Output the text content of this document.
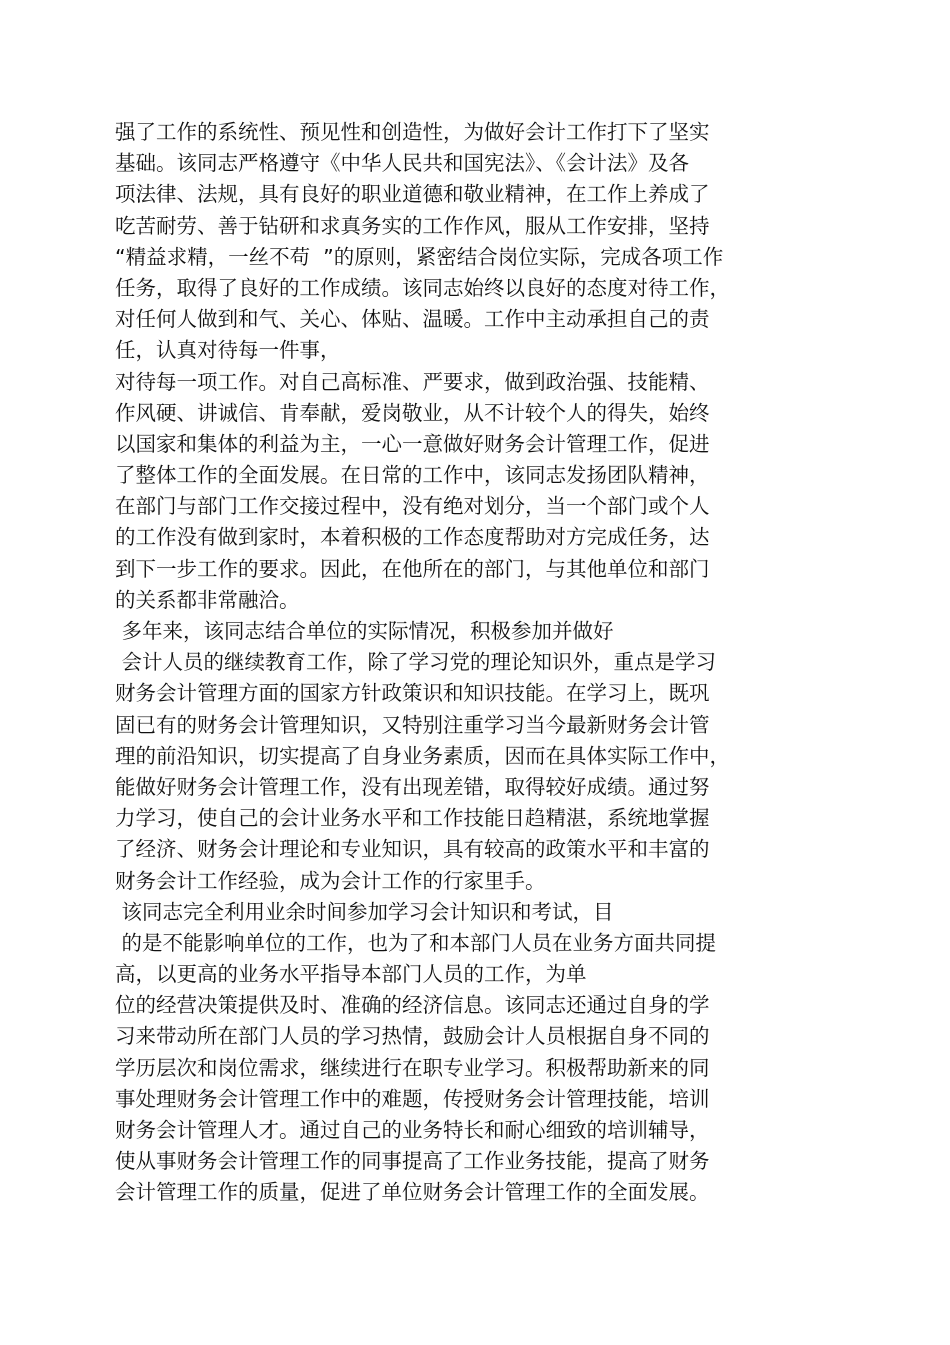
强了工作的系统性、预见性和创造性，为做好会计工作打下了坚实
基础。该同志严格遵守《中华人民共和国宪法》、《会计法》及各
项法律、法规，具有良好的职业道德和敬业精神，在工作上养成了
吃苦耐劳、善于钻研和求真务实的工作作风，服从工作安排，坚持
“精益求精，一丝不苟  ”的原则，紧密结合岗位实际，完成各项工作
任务，取得了良好的工作成绩。该同志始终以良好的态度对待工作，
对任何人做到和气、关心、体贴、温暖。工作中主动承担自己的责
任，认真对待每一件事，
对待每一项工作。对自己高标准、严要求，做到政治强、技能精、
作风硬、讲诚信、肯奉献，爱岗敬业，从不计较个人的得失，始终
以国家和集体的利益为主，一心一意做好财务会计管理工作，促进
了整体工作的全面发展。在日常的工作中，该同志发扬团队精神，
在部门与部门工作交接过程中，没有绝对划分，当一个部门或个人
的工作没有做到家时，本着积极的工作态度帮助对方完成任务，达
到下一步工作的要求。因此，在他所在的部门，与其他单位和部门
的关系都非常融洽。
多年来，该同志结合单位的实际情况，积极参加并做好
会计人员的继续教育工作，除了学习党的理论知识外，重点是学习
财务会计管理方面的国家方针政策识和知识技能。在学习上，既巩
固已有的财务会计管理知识，又特别注重学习当今最新财务会计管
理的前沿知识，切实提高了自身业务素质，因而在具体实际工作中，
能做好财务会计管理工作，没有出现差错，取得较好成绩。通过努
力学习，使自己的会计业务水平和工作技能日趋精湛，系统地掌握
了经济、财务会计理论和专业知识，具有较高的政策水平和丰富的
财务会计工作经验，成为会计工作的行家里手。
该同志完全利用业余时间参加学习会计知识和考试，目
的是不能影响单位的工作，也为了和本部门人员在业务方面共同提
高，以更高的业务水平指导本部门人员的工作，为单
位的经营决策提供及时、准确的经济信息。该同志还通过自身的学
习来带动所在部门人员的学习热情，鼓励会计人员根据自身不同的
学历层次和岗位需求，继续进行在职专业学习。积极帮助新来的同
事处理财务会计管理工作中的难题，传授财务会计管理技能，培训
财务会计管理人才。通过自己的业务特长和耐心细致的培训辅导，
使从事财务会计管理工作的同事提高了工作业务技能，提高了财务
会计管理工作的质量，促进了单位财务会计管理工作的全面发展。
